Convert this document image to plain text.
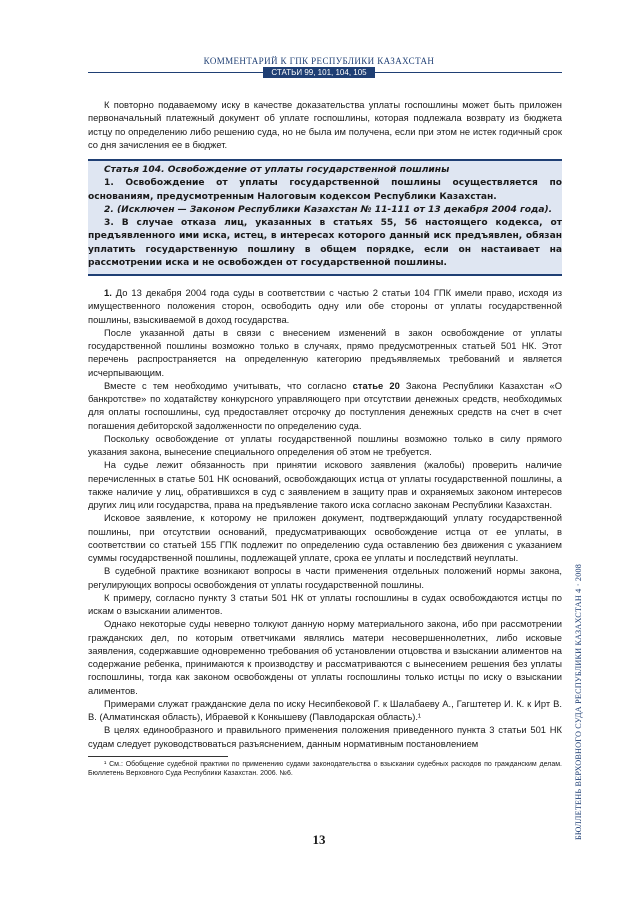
КОММЕНТАРИЙ К ГПК РЕСПУБЛИКИ КАЗАХСТАН
СТАТЬИ 99, 101, 104, 105

К повторно подаваемому иску в качестве доказательства уплаты госпошлины может быть приложен первоначальный платежный документ об уплате госпошлины, которая подлежала возврату из бюджета истцу по определению либо решению суда, но не была им получена, если при этом не истек годичный срок со дня зачисления ее в бюджет.

Статья 104. Освобождение от уплаты государственной пошлины

1. Освобождение от уплаты государственной пошлины осуществляется по основаниям, предусмотренным Налоговым кодексом Республики Казахстан.

2. (Исключен — Законом Республики Казахстан № 11-111 от 13 декабря 2004 года).

3. В случае отказа лиц, указанных в статьях 55, 56 настоящего кодекса, от предъявленного ими иска, истец, в интересах которого данный иск предъявлен, обязан уплатить государственную пошлину в общем порядке, если он настаивает на рассмотрении иска и не освобожден от государственной пошлины.

1. До 13 декабря 2004 года суды в соответствии с частью 2 статьи 104 ГПК имели право, исходя из имущественного положения сторон, освободить одну или обе стороны от уплаты государственной пошлины, взыскиваемой в доход государства.

После указанной даты в связи с внесением изменений в закон освобождение от уплаты государственной пошлины возможно только в случаях, прямо предусмотренных статьей 501 НК. Этот перечень распространяется на определенную категорию предъявляемых требований и является исчерпывающим.

Вместе с тем необходимо учитывать, что согласно статье 20 Закона Республики Казахстан «О банкротстве» по ходатайству конкурсного управляющего при отсутствии денежных средств, необходимых для оплаты госпошлины, суд предоставляет отсрочку до поступления денежных средств на счет в счет погашения дебиторской задолженности по определению суда.

Поскольку освобождение от уплаты государственной пошлины возможно только в силу прямого указания закона, вынесение специального определения об этом не требуется.

На судье лежит обязанность при принятии искового заявления (жалобы) проверить наличие перечисленных в статье 501 НК оснований, освобождающих истца от уплаты государственной пошлины, а также наличие у лиц, обратившихся в суд с заявлением в защиту прав и охраняемых законом интересов других лиц или государства, права на предъявление такого иска согласно законам Республики Казахстан.

Исковое заявление, к которому не приложен документ, подтверждающий уплату государственной пошлины, при отсутствии оснований, предусматривающих освобождение истца от ее уплаты, в соответствии со статьей 155 ГПК подлежит по определению суда оставлению без движения с указанием суммы государственной пошлины, подлежащей уплате, срока ее уплаты и последствий неуплаты.

В судебной практике возникают вопросы в части применения отдельных положений нормы закона, регулирующих вопросы освобождения от уплаты государственной пошлины.

К примеру, согласно пункту 3 статьи 501 НК от уплаты госпошлины в судах освобождаются истцы по искам о взыскании алиментов.

Однако некоторые суды неверно толкуют данную норму материального закона, ибо при рассмотрении гражданских дел, по которым ответчиками являлись матери несовершеннолетних, либо исковые заявления, содержавшие одновременно требования об установлении отцовства и взыскании алиментов на содержание ребенка, принимаются к производству и рассматриваются с вынесением решения без уплаты госпошлины, тогда как законом освобождены от уплаты госпошлины только истцы по иску о взыскании алиментов.

Примерами служат гражданские дела по иску Несипбековой Г. к Шалабаеву А., Гагштетер И. К. к Ирт В. В. (Алматинская область), Ибраевой к Конкышеву (Павлодарская область).¹

В целях единообразного и правильного применения положения приведенного пункта 3 статьи 501 НК судам следует руководствоваться разъяснением, данным нормативным постановлением

¹ См.: Обобщение судебной практики по применению судами законодательства о взыскании судебных расходов по гражданским делам. Бюллетень Верховного Суда Республики Казахстан. 2006. №6.

13	БЮЛЛЕТЕНЬ ВЕРХОВНОГО СУДА РЕСПУБЛИКИ КАЗАХСТАН 4 · 2008
